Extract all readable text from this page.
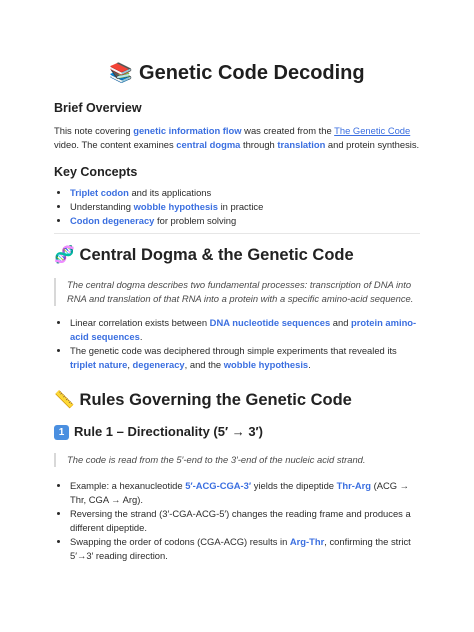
📚 Genetic Code Decoding
Brief Overview

This note covering genetic information flow was created from the The Genetic Code video. The content examines central dogma through translation and protein synthesis.

Key Concepts
• Triplet codon and its applications
• Understanding wobble hypothesis in practice
• Codon degeneracy for problem solving
🧬 Central Dogma & the Genetic Code

The central dogma describes two fundamental processes: transcription of DNA into RNA and translation of that RNA into a protein with a specific amino-acid sequence.

• Linear correlation exists between DNA nucleotide sequences and protein amino-acid sequences.
• The genetic code was deciphered through simple experiments that revealed its triplet nature, degeneracy, and the wobble hypothesis.
📏 Rules Governing the Genetic Code
1 Rule 1 – Directionality (5′ → 3′)

The code is read from the 5′-end to the 3′-end of the nucleic acid strand.

• Example: a hexanucleotide 5′-ACG-CGA-3′ yields the dipeptide Thr-Arg (ACG → Thr, CGA → Arg).
• Reversing the strand (3′-CGA-ACG-5′) changes the reading frame and produces a different dipeptide.
• Swapping the order of codons (CGA-ACG) results in Arg-Thr, confirming the strict 5′→3′ reading direction.
